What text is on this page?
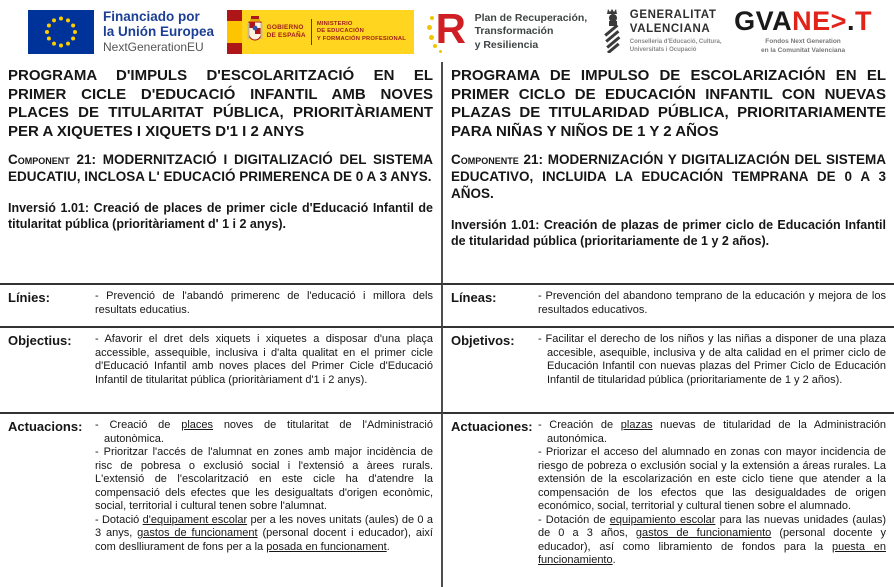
Financiado por
la Unión Europea
NextGenerationEU
GOBIERNO
DE ESPAÑA
MINISTERIO
DE EDUCACIÓN
Y FORMACIÓN PROFESIONAL R Plan de Recuperación,
Transformación
y Resiliencia
GENERALITAT
VALENCIANA
Conselleria d'Educació, Cultura,
Universitats i Ocupació
GVANE>.T
Fondos Next Generation
en la Comunitat Valenciana

PROGRAMA D'IMPULS D'ESCOLARITZACIÓ EN EL PRIMER CICLE D'EDUCACIÓ INFANTIL AMB NOVES PLACES DE TITULARITAT PÚBLICA, PRIORITÀRIAMENT PER A XIQUETES I XIQUETS D'1 I 2 ANYS

Component 21: MODERNITZACIÓ I DIGITALIZACIÓ DEL SISTEMA EDUCATIU, INCLOSA L' EDUCACIÓ PRIMERENCA DE 0 A 3 ANYS.

Inversió 1.01: Creació de places de primer cicle d'Educació Infantil de titularitat pública (prioritàriament d' 1 i 2 anys).

PROGRAMA DE IMPULSO DE ESCOLARIZACIÓN EN EL PRIMER CICLO DE EDUCACIÓN INFANTIL CON NUEVAS PLAZAS DE TITULARIDAD PÚBLICA, PRIORITARIAMENTE PARA NIÑAS Y NIÑOS DE 1 Y 2 AÑOS

Componente 21: MODERNIZACIÓN Y DIGITALIZACIÓN DEL SISTEMA EDUCATIVO, INCLUIDA LA EDUCACIÓN TEMPRANA DE 0 A 3 AÑOS.

Inversión 1.01: Creación de plazas de primer ciclo de Educación Infantil de titularidad pública (prioritariamente de 1 y 2 años).

Línies:	- Prevenció de l'abandó primerenc de l'educació i millora dels resultats educatius.

Líneas:	- Prevención del abandono temprano de la educación y mejora de los resultados educativos.

Objectius:	- Afavorir el dret dels xiquets i xiquetes a disposar d'una plaça accessible, assequible, inclusiva i d'alta qualitat en el primer cicle d'Educació Infantil amb noves places del Primer Cicle d'Educació Infantil de titularitat pública (prioritàriament d'1 i 2 anys).

Objetivos:	- Facilitar el derecho de los niños y las niñas a disponer de una plaza accesible, asequible, inclusiva y de alta calidad en el primer ciclo de Educación Infantil con nuevas plazas del Primer Ciclo de Educación Infantil de titularidad pública (prioritariamente de 1 y 2 años).

Actuacions:	- Creació de places noves de titularitat de l'Administració autonòmica.

- Prioritzar l'accés de l'alumnat en zones amb major incidència de risc de pobresa o exclusió social i l'extensió a àrees rurals. L'extensió de l'escolarització en este cicle ha d'atendre la compensació dels efectes que les desigualtats d'origen econòmic, social, territorial i cultural tenen sobre l'alumnat.

- Dotació d'equipament escolar per a les noves unitats (aules) de 0 a 3 anys, gastos de funcionament (personal docent i educador), així com deslliurament de fons per a la posada en funcionament.

Actuaciones: - Creación de plazas nuevas de titularidad de la Administración autonómica.

- Priorizar el acceso del alumnado en zonas con mayor incidencia de riesgo de pobreza o exclusión social y la extensión a áreas rurales. La extensión de la escolarización en este ciclo tiene que atender a la compensación de los efectos que las desigualdades de origen económico, social, territorial y cultural tienen sobre el alumnado.

- Dotación de equipamiento escolar para las nuevas unidades (aulas) de 0 a 3 años, gastos de funcionamiento (personal docente y educador), así como libramiento de fondos para la puesta en funcionamiento.
